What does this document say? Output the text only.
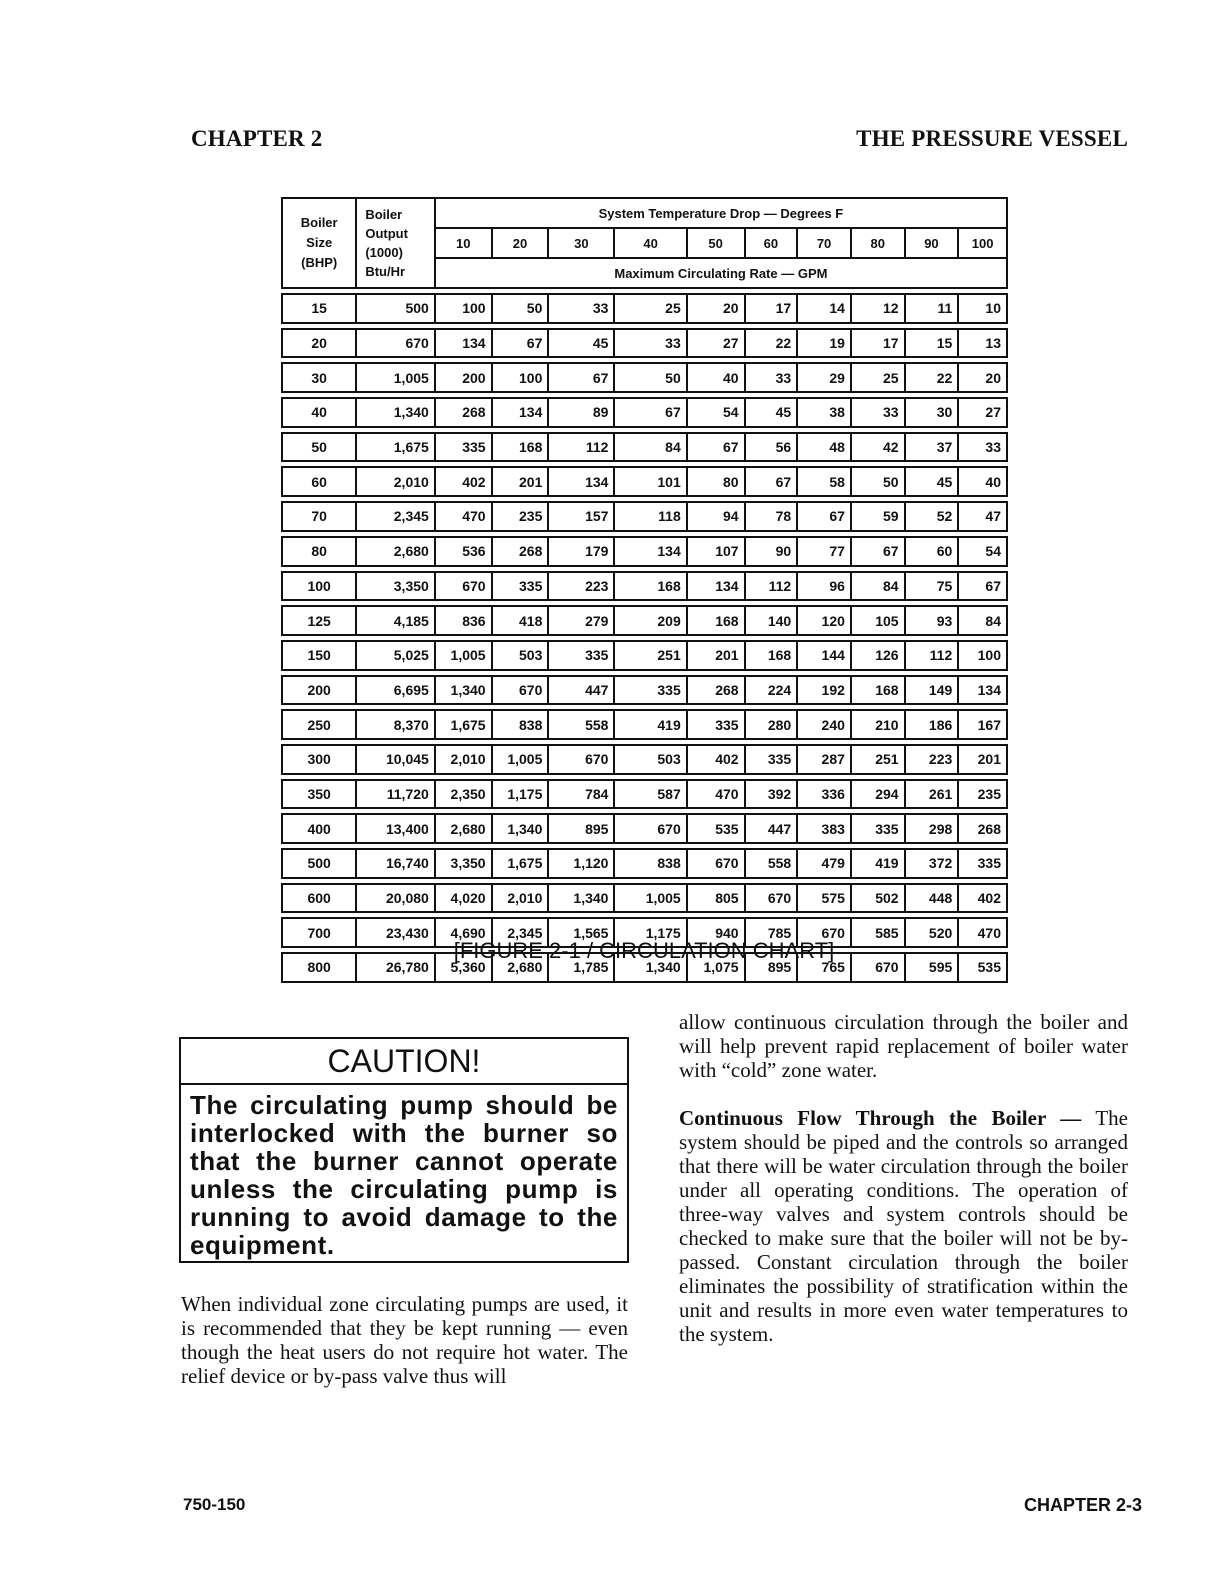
CHAPTER 2	THE PRESSURE VESSEL
Boiler
Size
(BHP)	Boiler
Output
(1000)
Btu/Hr	System Temperature Drop — Degrees F									
		10	20	30	40	50	60	70	80	90	100
		Maximum Circulating Rate — GPM									

15	500	100	50	33	25	20	17	14	12	11	10

20	670	134	67	45	33	27	22	19	17	15	13

30	1,005	200	100	67	50	40	33	29	25	22	20

40	1,340	268	134	89	67	54	45	38	33	30	27

50	1,675	335	168	112	84	67	56	48	42	37	33

60	2,010	402	201	134	101	80	67	58	50	45	40

70	2,345	470	235	157	118	94	78	67	59	52	47

80	2,680	536	268	179	134	107	90	77	67	60	54

100	3,350	670	335	223	168	134	112	96	84	75	67

125	4,185	836	418	279	209	168	140	120	105	93	84

150	5,025	1,005	503	335	251	201	168	144	126	112	100

200	6,695	1,340	670	447	335	268	224	192	168	149	134

250	8,370	1,675	838	558	419	335	280	240	210	186	167

300	10,045	2,010	1,005	670	503	402	335	287	251	223	201

350	11,720	2,350	1,175	784	587	470	392	336	294	261	235

400	13,400	2,680	1,340	895	670	535	447	383	335	298	268

500	16,740	3,350	1,675	1,120	838	670	558	479	419	372	335

600	20,080	4,020	2,010	1,340	1,005	805	670	575	502	448	402

700	23,430	4,690	2,345	1,565	1,175	940	785	670	585	520	470

800	26,780	5,360	2,680	1,785	1,340	1,075	895	765	670	595	535
[FIGURE 2-1 / CIRCULATION CHART]
CAUTION!
The circulating pump should be interlocked with the burner so that the burner cannot operate unless the circulating pump is running to avoid damage to the equipment.

When individual zone circulating pumps are used, it is recommended that they be kept running — even though the heat users do not require hot water. The relief device or by-pass valve thus will

allow continuous circulation through the boiler and will help prevent rapid replacement of boiler water with “cold” zone water.

Continuous Flow Through the Boiler — The system should be piped and the controls so arranged that there will be water circulation through the boiler under all operating conditions. The operation of three-way valves and system controls should be checked to make sure that the boiler will not be by-passed. Constant circulation through the boiler eliminates the possibility of stratification within the unit and results in more even water temperatures to the system.

750-150	CHAPTER 2-3
